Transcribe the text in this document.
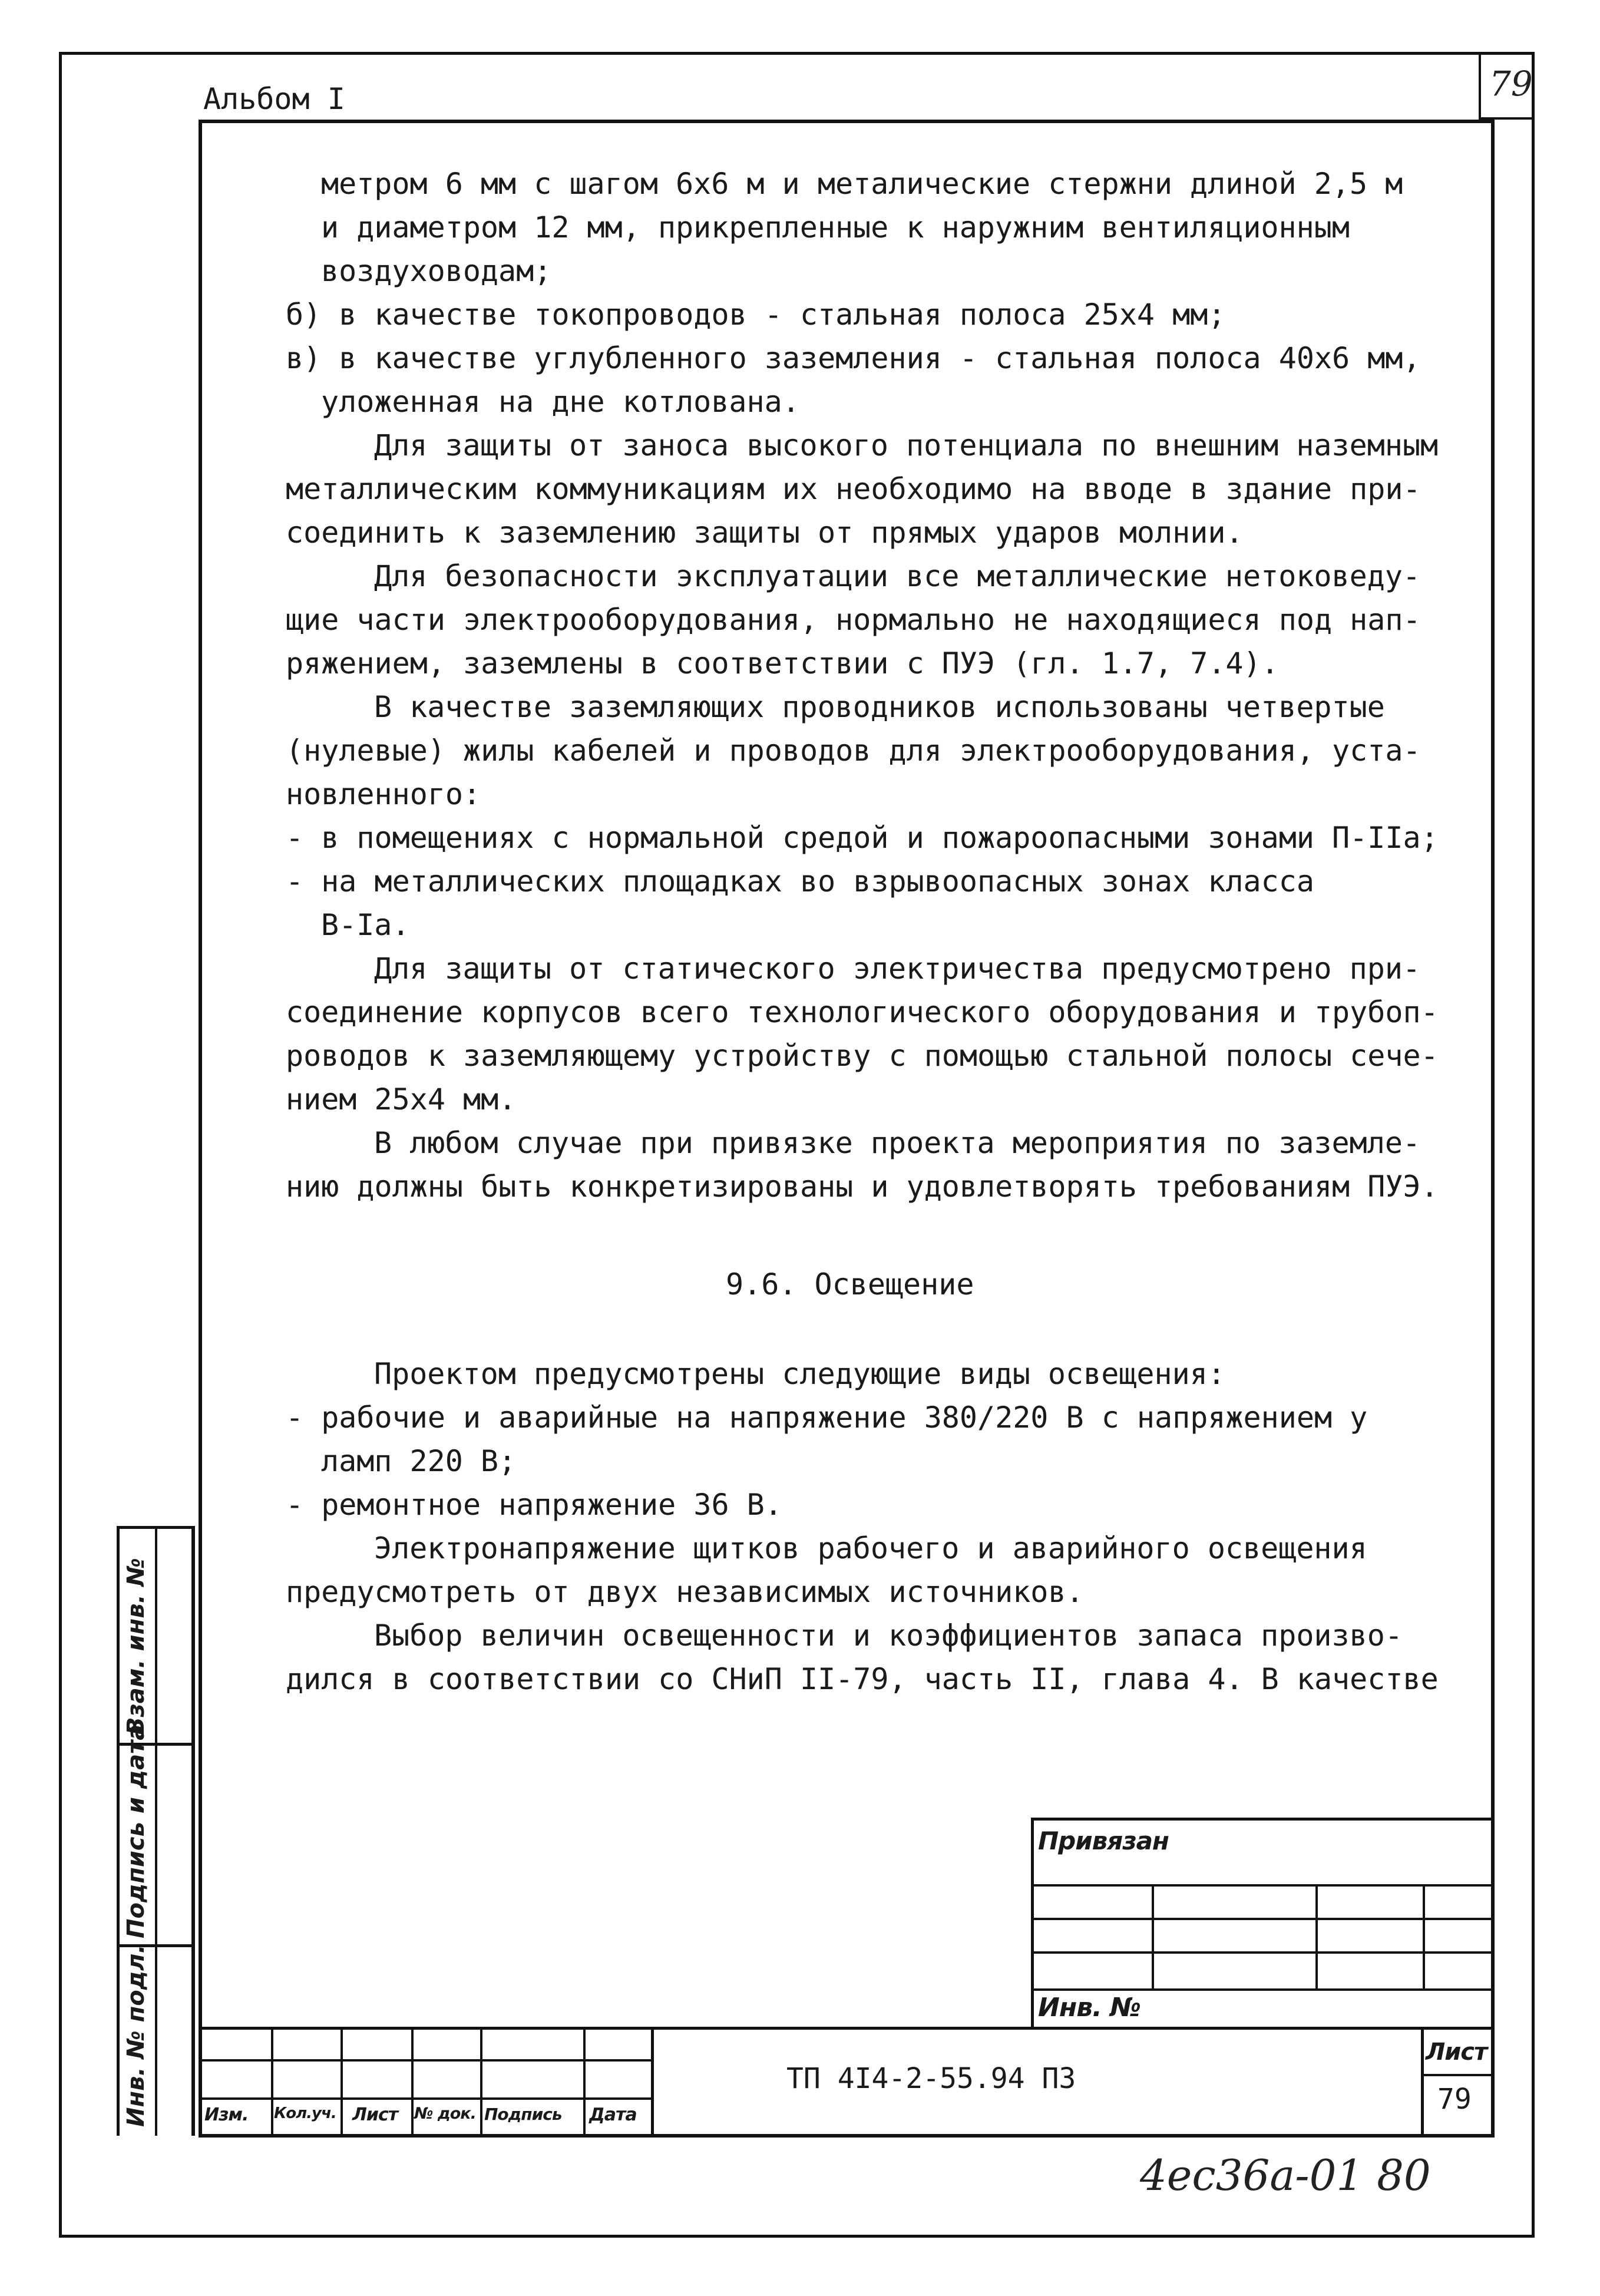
Альбом I	79
метром 6 мм с шагом 6х6 м и металические стержни длиной 2,5 м
и диаметром 12 мм, прикрепленные к наружним вентиляционным
воздуховодам;
б) в качестве токопроводов - стальная полоса 25х4 мм;
в) в качестве углубленного заземления - стальная полоса 40х6 мм,
уложенная на дне котлована.
Для защиты от заноса высокого потенциала по внешним наземным
металлическим коммуникациям их необходимо на вводе в здание при-
соединить к заземлению защиты от прямых ударов молнии.
Для безопасности эксплуатации все металлические нетоковеду-
щие части электрооборудования, нормально не находящиеся под нап-
ряжением, заземлены в соответствии с ПУЭ (гл. 1.7, 7.4).
В качестве заземляющих проводников использованы четвертые
(нулевые) жилы кабелей и проводов для электрооборудования, уста-
новленного:
- в помещениях с нормальной средой и пожароопасными зонами П-IIа;
- на металлических площадках во взрывоопасных зонах класса
В-Iа.
Для защиты от статического электричества предусмотрено при-
соединение корпусов всего технологического оборудования и трубоп-
роводов к заземляющему устройству с помощью стальной полосы сече-
нием 25х4 мм.
В любом случае при привязке проекта мероприятия по заземле-
нию должны быть конкретизированы и удовлетворять требованиям ПУЭ.
9.6. Освещение
Проектом предусмотрены следующие виды освещения:
- рабочие и аварийные на напряжение 380/220 В с напряжением у
ламп 220 В;
- ремонтное напряжение 36 В.
Электронапряжение щитков рабочего и аварийного освещения
предусмотреть от двух независимых источников.
Выбор величин освещенности и коэффициентов запаса произво-
дился в соответствии со СНиП II-79, часть II, глава 4. В качестве
Инв. № подл.
Подпись и дата
Взам. инв. №
Привязан
Инв. №
Изм. Кол.уч. Лист № док. Подпись Дата
ТП 4I4-2-55.94 ПЗ
Лист
79
4ес36а-01 80
